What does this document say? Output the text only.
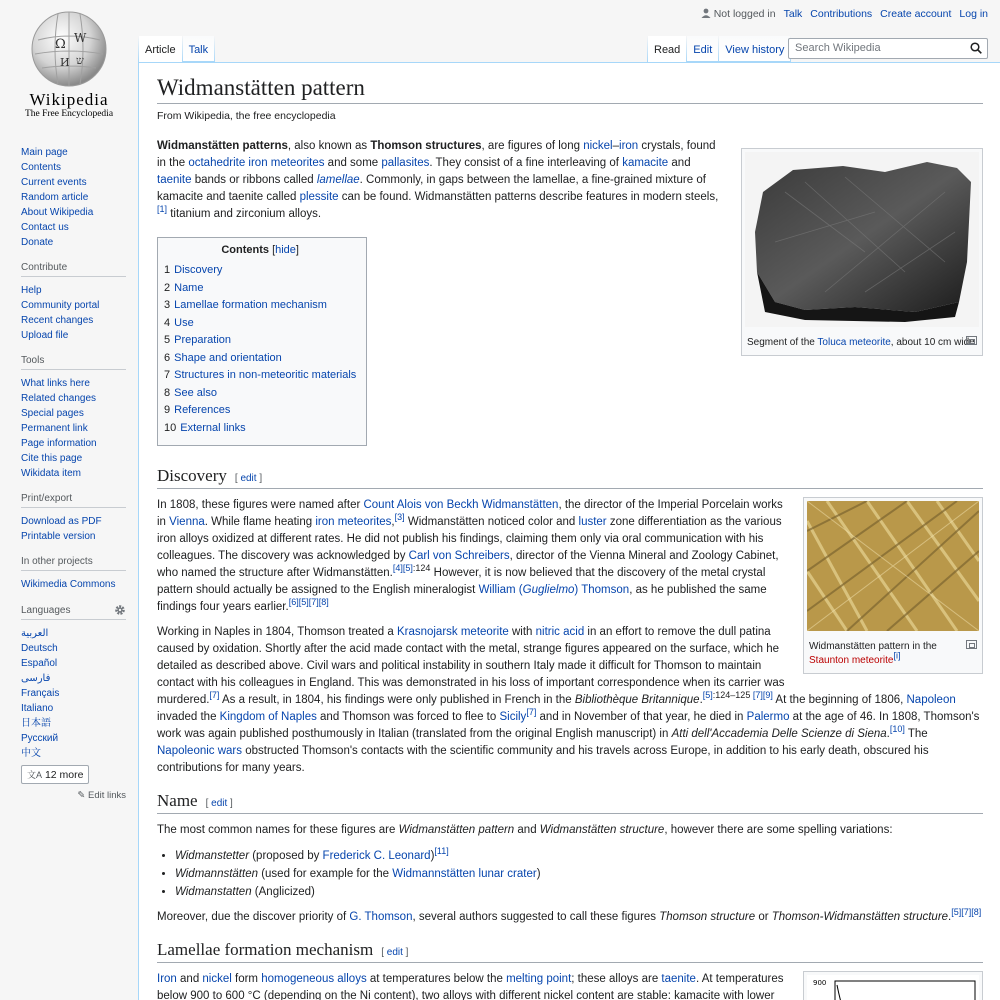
Ω W
И ש
Wikipedia
The Free Encyclopedia
Not logged in Talk Contributions Create account Log in
Article	Talk	Read	Edit	View history Search Wikipedia
Main page
Contents
Current events
Random article
About Wikipedia
Contact us
Donate
Contribute
Help
Community portal
Recent changes
Upload file
Tools
What links here
Related changes
Special pages
Permanent link
Page information
Cite this page
Wikidata item
Print/export
Download as PDF
Printable version
In other projects
Wikimedia Commons
Languages
العربية
Deutsch
Español
فارسی
Français
Italiano
日本語
Русский
中文
文A 12 more
✎ Edit links
Widmanstätten pattern
From Wikipedia, the free encyclopedia
Segment of the Toluca meteorite, about 10 cm wide

Widmanstätten patterns, also known as Thomson structures, are figures of long nickel–iron crystals, found in the octahedrite iron meteorites and some pallasites. They consist of a fine interleaving of kamacite and taenite bands or ribbons called lamellae. Commonly, in gaps between the lamellae, a fine-grained mixture of kamacite and taenite called plessite can be found. Widmanstätten patterns describe features in modern steels,[1] titanium and zirconium alloys.

Contents [hide]
1 Discovery
2 Name
3 Lamellae formation mechanism
4 Use
5 Preparation
6 Shape and orientation
7 Structures in non-meteoritic materials
8 See also
9 References
10 External links
Discovery [ edit ]
Widmanstätten pattern in the Staunton meteorite[i]

In 1808, these figures were named after Count Alois von Beckh Widmanstätten, the director of the Imperial Porcelain works in Vienna. While flame heating iron meteorites,[3] Widmanstätten noticed color and luster zone differentiation as the various iron alloys oxidized at different rates. He did not publish his findings, claiming them only via oral communication with his colleagues. The discovery was acknowledged by Carl von Schreibers, director of the Vienna Mineral and Zoology Cabinet, who named the structure after Widmanstätten.$^{[4][5]:124}$ However, it is now believed that the discovery of the metal crystal pattern should actually be assigned to the English mineralogist William (Guglielmo) Thomson, as he published the same findings four years earlier.[6][5][7][8]

Working in Naples in 1804, Thomson treated a Krasnojarsk meteorite with nitric acid in an effort to remove the dull patina caused by oxidation. Shortly after the acid made contact with the metal, strange figures appeared on the surface, which he detailed as described above. Civil wars and political instability in southern Italy made it difficult for Thomson to maintain contact with his colleagues in England. This was demonstrated in his loss of important correspondence when its carrier was murdered.[7] As a result, in 1804, his findings were only published in French in the Bibliothèque Britannique.[5]:124–125 [7][9] At the beginning of 1806, Napoleon invaded the Kingdom of Naples and Thomson was forced to flee to Sicily[7] and in November of that year, he died in Palermo at the age of 46. In 1808, Thomson's work was again published posthumously in Italian (translated from the original English manuscript) in Atti dell'Accademia Delle Scienze di Siena.[10] The Napoleonic wars obstructed Thomson's contacts with the scientific community and his travels across Europe, in addition to his early death, obscured his contributions for many years.

Name [ edit ]

The most common names for these figures are Widmanstätten pattern and Widmanstätten structure, however there are some spelling variations:

• Widmanstetter (proposed by Frederick C. Leonard)[11]
• Widmannstätten (used for example for the Widmannstätten lunar crater)
• Widmanstatten (Anglicized)

Moreover, due the discover priority of G. Thomson, several authors suggested to call these figures Thomson structure or Thomson-Widmanstätten structure.[5][7][8]

Lamellae formation mechanism [ edit ]
900

Iron and nickel form homogeneous alloys at temperatures below the melting point; these alloys are taenite. At temperatures below 900 to 600 °C (depending on the Ni content), two alloys with different nickel content are stable: kamacite with lower
